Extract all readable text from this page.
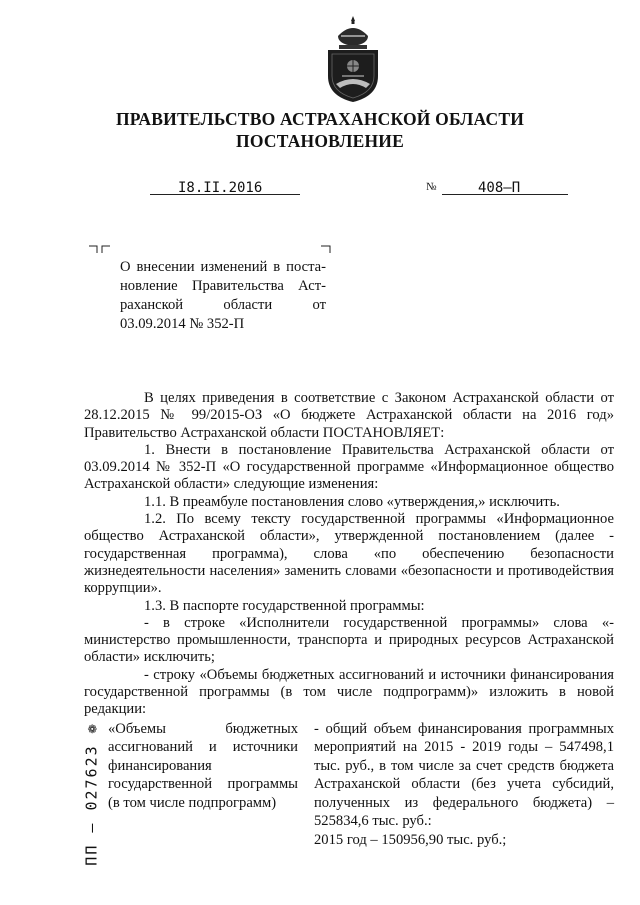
ПРАВИТЕЛЬСТВО АСТРАХАНСКОЙ ОБЛАСТИ
ПОСТАНОВЛЕНИЕ
I8.II.2016	№	408–П
О внесении изменений в поста-
новление Правительства Аст-
раханской области от
03.09.2014 № 352-П
В целях приведения в соответствие с Законом Астраханской области от 28.12.2015 № 99/2015-ОЗ «О бюджете Астраханской области на 2016 год» Правительство Астраханской области ПОСТАНОВЛЯЕТ:
1. Внести в постановление Правительства Астраханской области от 03.09.2014 № 352-П «О государственной программе «Информационное общество Астраханской области» следующие изменения:
1.1. В преамбуле постановления слово «утверждения,» исключить.
1.2. По всему тексту государственной программы «Информационное общество Астраханской области», утвержденной постановлением (далее - государственная программа), слова «по обеспечению безопасности жизнедеятельности населения» заменить словами «безопасности и противодействия коррупции».
1.3. В паспорте государственной программы:
- в строке «Исполнители государственной программы» слова «- министерство промышленности, транспорта и природных ресурсов Астраханской области» исключить;
- строку «Объемы бюджетных ассигнований и источники финансирования государственной программы (в том числе подпрограмм)» изложить в новой редакции:
«Объемы бюджетных ассигнований и источники финансирования государственной программы (в том числе подпрограмм)
- общий объем финансирования программных мероприятий на 2015 - 2019 годы – 547498,1 тыс. руб., в том числе за счет средств бюджета Астраханской области (без учета субсидий, полученных из федерального бюджета) – 525834,6 тыс. руб.:
2015 год – 150956,90 тыс. руб.;
ПП – 027623 ❁
